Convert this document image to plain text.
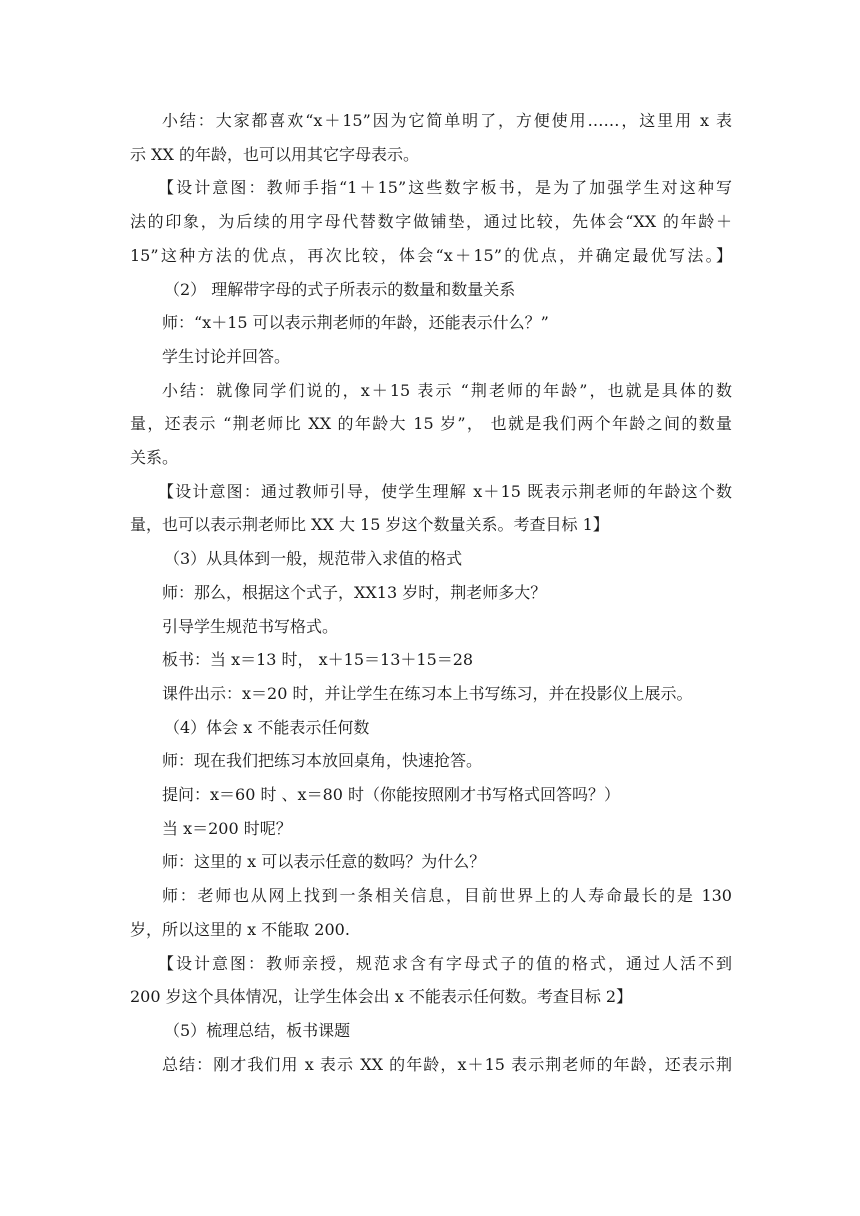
小结：大家都喜欢“x＋15”因为它简单明了，方便使用……，这里用 x 表

示 XX 的年龄，也可以用其它字母表示。

【设计意图：教师手指“1＋15”这些数字板书，是为了加强学生对这种写

法的印象，为后续的用字母代替数字做铺垫，通过比较，先体会“XX 的年龄＋

15”这种方法的优点，再次比较，体会“x＋15”的优点，并确定最优写法。】

（2） 理解带字母的式子所表示的数量和数量关系

师：“x＋15 可以表示荆老师的年龄，还能表示什么？”

学生讨论并回答。

小结：就像同学们说的，x＋15 表示 “荆老师的年龄”，也就是具体的数

量，还表示 “荆老师比 XX 的年龄大 15 岁”， 也就是我们两个年龄之间的数量

关系。

【设计意图：通过教师引导，使学生理解 x＋15 既表示荆老师的年龄这个数

量，也可以表示荆老师比 XX 大 15 岁这个数量关系。考查目标 1】

（3）从具体到一般，规范带入求值的格式

师：那么，根据这个式子，XX13 岁时，荆老师多大？

引导学生规范书写格式。

板书：当 x＝13 时， x＋15＝13＋15＝28

课件出示：x＝20 时，并让学生在练习本上书写练习，并在投影仪上展示。

（4）体会 x 不能表示任何数

师：现在我们把练习本放回桌角，快速抢答。

提问：x＝60 时 、x＝80 时（你能按照刚才书写格式回答吗？）

当 x＝200 时呢？

师：这里的 x 可以表示任意的数吗？为什么？

师：老师也从网上找到一条相关信息，目前世界上的人寿命最长的是 130

岁，所以这里的 x 不能取 200.

【设计意图：教师亲授，规范求含有字母式子的值的格式，通过人活不到

200 岁这个具体情况，让学生体会出 x 不能表示任何数。考查目标 2】

（5）梳理总结，板书课题

总结：刚才我们用 x 表示 XX 的年龄，x＋15 表示荆老师的年龄，还表示荆
